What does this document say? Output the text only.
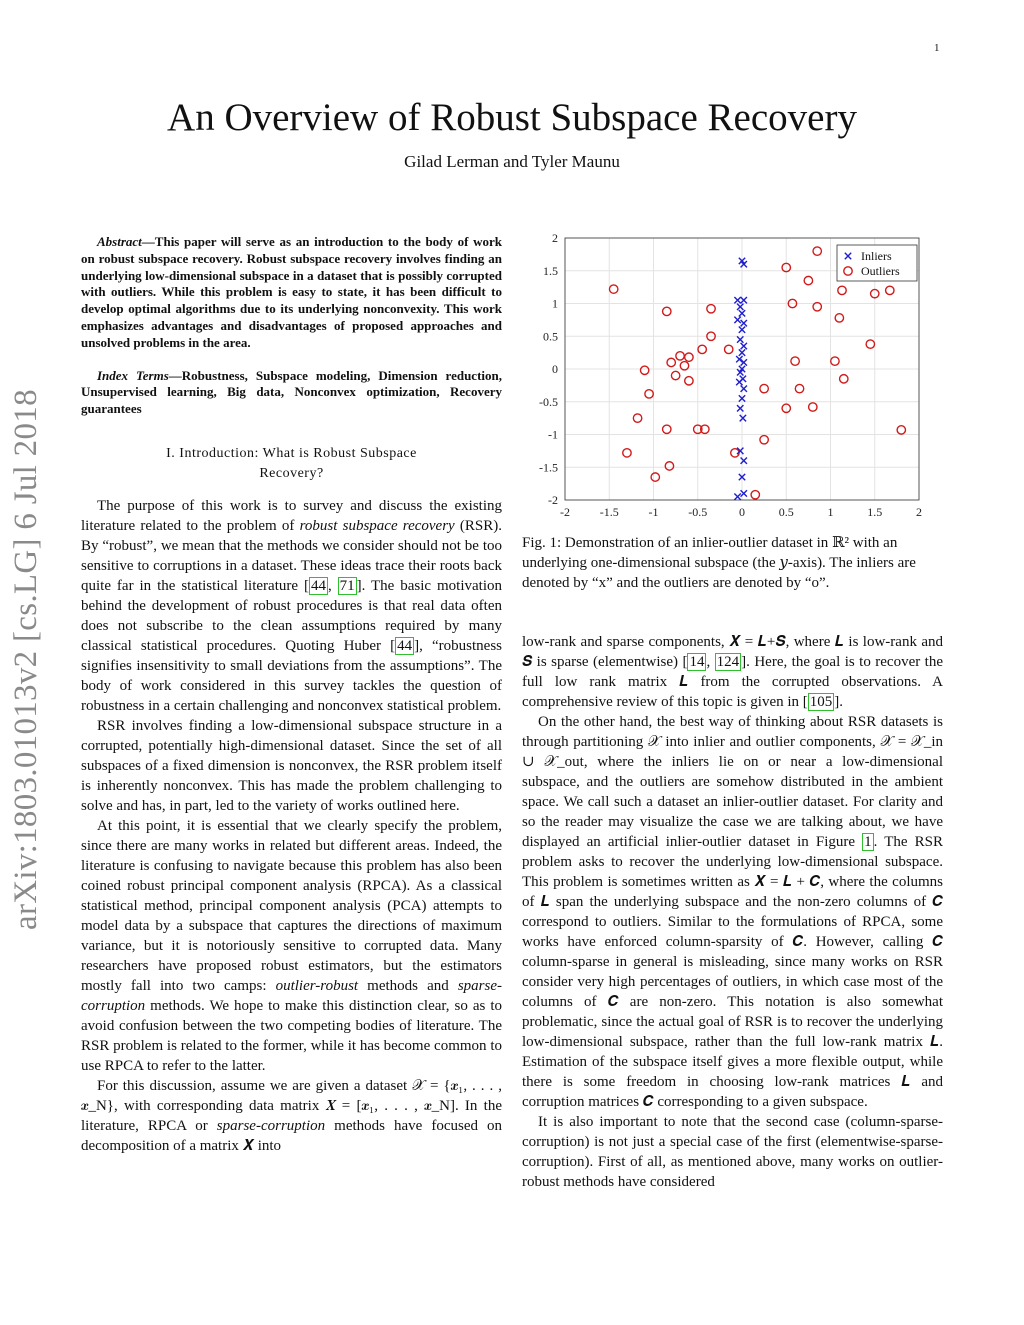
1
An Overview of Robust Subspace Recovery
Gilad Lerman and Tyler Maunu
arXiv:1803.01013v2 [cs.LG] 6 Jul 2018

Abstract—This paper will serve as an introduction to the body of work on robust subspace recovery. Robust subspace recovery involves finding an underlying low-dimensional subspace in a dataset that is possibly corrupted with outliers. While this problem is easy to state, it has been difficult to develop optimal algorithms due to its underlying nonconvexity. This work emphasizes advantages and disadvantages of proposed approaches and unsolved problems in the area.

Index Terms—Robustness, Subspace modeling, Dimension reduction, Unsupervised learning, Big data, Nonconvex optimization, Recovery guarantees

I. Introduction: What is Robust Subspace
Recovery?

The purpose of this work is to survey and discuss the existing literature related to the problem of robust subspace recovery (RSR). By “robust”, we mean that the methods we consider should not be too sensitive to corruptions in a dataset. These ideas trace their roots back quite far in the statistical literature [ 44 , 71 ]. The basic motivation behind the development of robust procedures is that real data often does not subscribe to the clean assumptions required by many classical statistical procedures. Quoting Huber [ 44 ], “robustness signifies insensitivity to small deviations from the assumptions”. The body of work considered in this survey tackles the question of robustness in a certain challenging and nonconvex statistical problem.

RSR involves finding a low-dimensional subspace structure in a corrupted, potentially high-dimensional dataset. Since the set of all subspaces of a fixed dimension is nonconvex, the RSR problem itself is inherently nonconvex. This has made the problem challenging to solve and has, in part, led to the variety of works outlined here.

At this point, it is essential that we clearly specify the problem, since there are many works in related but different areas. Indeed, the literature is confusing to navigate because this problem has also been coined robust principal component analysis (RPCA). As a classical statistical method, principal component analysis (PCA) attempts to model data by a subspace that captures the directions of maximum variance, but it is notoriously sensitive to corrupted data. Many researchers have proposed robust estimators, but the estimators mostly fall into two camps: outlier-robust methods and sparse-corruption methods. We hope to make this distinction clear, so as to avoid confusion between the two competing bodies of literature. The RSR problem is related to the former, while it has become common to use RPCA to refer to the latter.

For this discussion, assume we are given a dataset 𝒳 = {𝒙₁, . . . , 𝒙_N}, with corresponding data matrix 𝑿 = [𝒙₁, . . . , 𝒙_N]. In the literature, RPCA or sparse-corruption methods have focused on decomposition of a matrix 𝑿 into

-2 -1.5 -1 -0.5	0	0.5	1	1.5	2
2
1.5
1
0.5
0
-0.5
-1
-1.5
-2
Inliers
Outliers
Fig. 1: Demonstration of an inlier-outlier dataset in ℝ² with an underlying one-dimensional subspace (the 𝑦-axis). The inliers are denoted by “x” and the outliers are denoted by “o”.

low-rank and sparse components, 𝑿 = 𝑳+𝑺, where 𝑳 is low-rank and 𝑺 is sparse (elementwise) [ 14 , 124 ]. Here, the goal is to recover the full low rank matrix 𝑳 from the corrupted observations. A comprehensive review of this topic is given in [ 105 ].

On the other hand, the best way of thinking about RSR datasets is through partitioning 𝒳 into inlier and outlier components, 𝒳 = 𝒳_in ∪ 𝒳_out, where the inliers lie on or near a low-dimensional subspace, and the outliers are somehow distributed in the ambient space. We call such a dataset an inlier-outlier dataset. For clarity and so the reader may visualize the case we are talking about, we have displayed an artificial inlier-outlier dataset in Figure 1 . The RSR problem asks to recover the underlying low-dimensional subspace. This problem is sometimes written as 𝑿 = 𝑳 + 𝑪, where the columns of 𝑳 span the underlying subspace and the non-zero columns of 𝑪 correspond to outliers. Similar to the formulations of RPCA, some works have enforced column-sparsity of 𝑪. However, calling 𝑪 column-sparse in general is misleading, since many works on RSR consider very high percentages of outliers, in which case most of the columns of 𝑪 are non-zero. This notation is also somewhat problematic, since the actual goal of RSR is to recover the underlying low-dimensional subspace, rather than the full low-rank matrix 𝑳. Estimation of the subspace itself gives a more flexible output, while there is some freedom in choosing low-rank matrices 𝑳 and corruption matrices 𝑪 corresponding to a given subspace.

It is also important to note that the second case (column-sparse-corruption) is not just a special case of the first (elementwise-sparse-corruption). First of all, as mentioned above, many works on outlier-robust methods have considered
